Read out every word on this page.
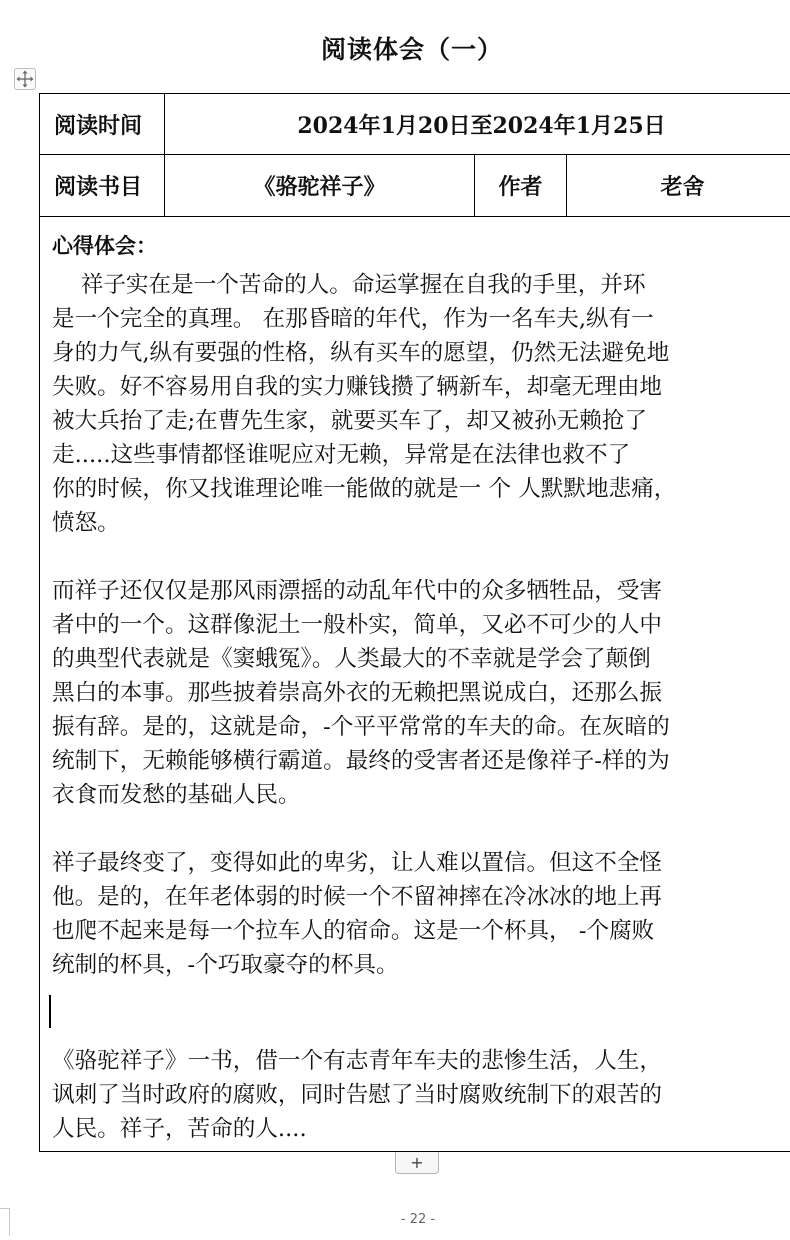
阅读体会（一）
阅读时间	2024年1月20日至2024年1月25日
阅读书目	《骆驼祥子》	作者	老舍
心得体会：

祥子实在是一个苦命的人。命运掌握在自我的手里，并环
是一个完全的真理。 在那昏暗的年代，作为一名车夫,纵有一
身的力气,纵有要强的性格，纵有买车的愿望，仍然无法避免地
失败。好不容易用自我的实力赚钱攒了辆新车，却毫无理由地
被大兵抬了走;在曹先生家，就要买车了，却又被孙无赖抢了
走.....这些事情都怪谁呢应对无赖，异常是在法律也救不了
你的时候，你又找谁理论唯一能做的就是一 个 人默默地悲痛，
愤怒。

而祥子还仅仅是那风雨漂摇的动乱年代中的众多牺牲品，受害
者中的一个。这群像泥土一般朴实，简单，又必不可少的人中
的典型代表就是《窦蛾冤》。人类最大的不幸就是学会了颠倒
黑白的本事。那些披着崇高外衣的无赖把黑说成白，还那么振
振有辞。是的，这就是命，-个平平常常的车夫的命。在灰暗的
统制下，无赖能够横行霸道。最终的受害者还是像祥子-样的为
衣食而发愁的基础人民。

祥子最终变了，变得如此的卑劣，让人难以置信。但这不全怪
他。是的，在年老体弱的时候一个不留神摔在冷冰冰的地上再
也爬不起来是每一个拉车人的宿命。这是一个杯具， -个腐败
统制的杯具，-个巧取豪夺的杯具。

《骆驼祥子》一书，借一个有志青年车夫的悲惨生活，人生，
讽刺了当时政府的腐败，同时告慰了当时腐败统制下的艰苦的
人民。祥子，苦命的人....

+
- 22 -
